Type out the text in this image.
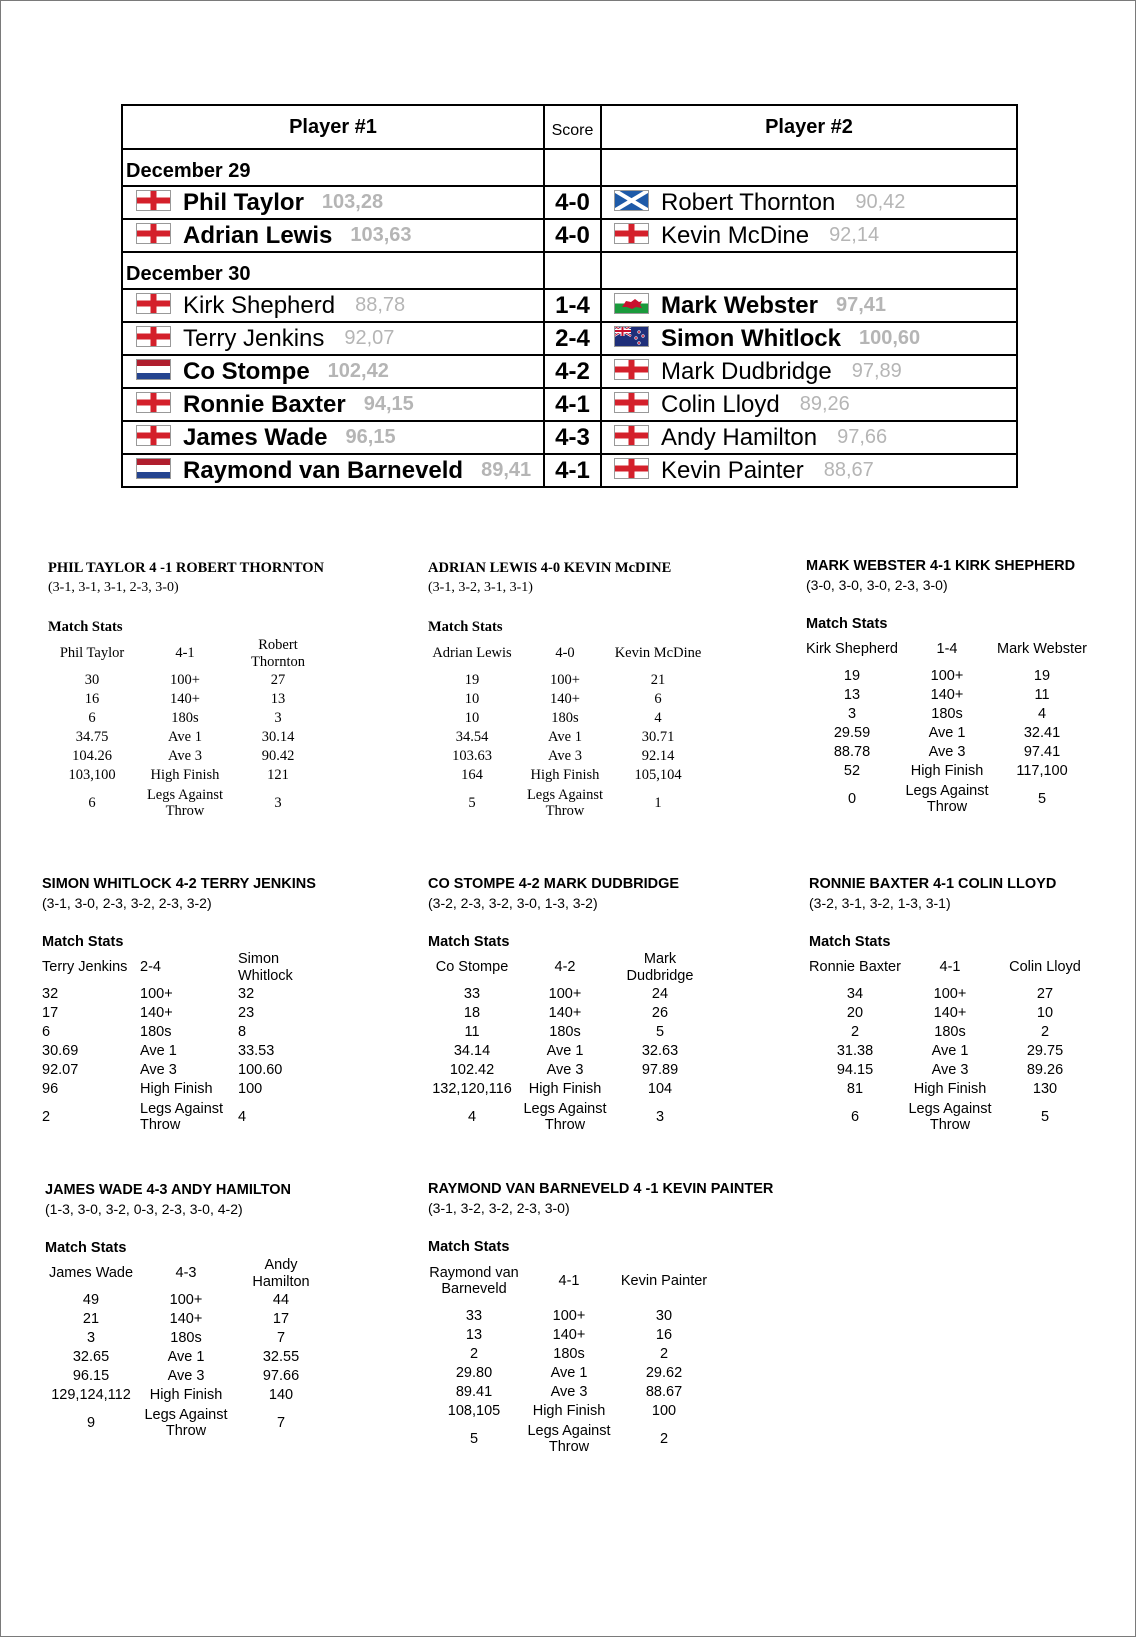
Player #1	Score	Player #2
December 29		

Phil Taylor 103,28	4-0	Robert Thornton 90,42

Adrian Lewis 103,63	4-0	Kevin McDine 92,14
December 30		

Kirk Shepherd 88,78	1-4	Mark Webster 97,41

Terry Jenkins 92,07	2-4	Simon Whitlock 100,60

Co Stompe 102,42	4-2	Mark Dudbridge 97,89

Ronnie Baxter 94,15	4-1	Colin Lloyd 89,26

James Wade 96,15	4-3	Andy Hamilton 97,66

Raymond van Barneveld 89,41	4-1	Kevin Painter 88,67
PHIL TAYLOR 4 -1 ROBERT THORNTON
(3-1, 3-1, 3-1, 2-3, 3-0)
Match Stats
Phil Taylor	4-1	Robert Thornton
30	100+	27
16	140+	13
6	180s	3
34.75	Ave 1	30.14
104.26	Ave 3	90.42
103,100	High Finish	121
6	Legs Against Throw	3
ADRIAN LEWIS 4-0 KEVIN McDINE
(3-1, 3-2, 3-1, 3-1)
Match Stats
Adrian Lewis	4-0	Kevin McDine
19	100+	21
10	140+	6
10	180s	4
34.54	Ave 1	30.71
103.63	Ave 3	92.14
164	High Finish	105,104
5	Legs Against Throw	1
MARK WEBSTER 4-1 KIRK SHEPHERD
(3-0, 3-0, 3-0, 2-3, 3-0)
Match Stats
Kirk Shepherd	1-4	Mark Webster
19	100+	19
13	140+	11
3	180s	4
29.59	Ave 1	32.41
88.78	Ave 3	97.41
52	High Finish	117,100
0	Legs Against Throw	5
SIMON WHITLOCK 4-2 TERRY JENKINS
(3-1, 3-0, 2-3, 3-2, 2-3, 3-2)
Match Stats
Terry Jenkins	2-4	Simon Whitlock
32	100+	32
17	140+	23
6	180s	8
30.69	Ave 1	33.53
92.07	Ave 3	100.60
96	High Finish	100
2	Legs Against Throw	4
CO STOMPE 4-2 MARK DUDBRIDGE
(3-2, 2-3, 3-2, 3-0, 1-3, 3-2)
Match Stats
Co Stompe	4-2	Mark Dudbridge
33	100+	24
18	140+	26
11	180s	5
34.14	Ave 1	32.63
102.42	Ave 3	97.89
132,120,116	High Finish	104
4	Legs Against Throw	3
RONNIE BAXTER 4-1 COLIN LLOYD
(3-2, 3-1, 3-2, 1-3, 3-1)
Match Stats
Ronnie Baxter	4-1	Colin Lloyd
34	100+	27
20	140+	10
2	180s	2
31.38	Ave 1	29.75
94.15	Ave 3	89.26
81	High Finish	130
6	Legs Against Throw	5
JAMES WADE 4-3 ANDY HAMILTON
(1-3, 3-0, 3-2, 0-3, 2-3, 3-0, 4-2)
Match Stats
James Wade	4-3	Andy Hamilton
49	100+	44
21	140+	17
3	180s	7
32.65	Ave 1	32.55
96.15	Ave 3	97.66
129,124,112	High Finish	140
9	Legs Against Throw	7
RAYMOND VAN BARNEVELD 4 -1 KEVIN PAINTER
(3-1, 3-2, 3-2, 2-3, 3-0)
Match Stats
Raymond van Barneveld	4-1	Kevin Painter
33	100+	30
13	140+	16
2	180s	2
29.80	Ave 1	29.62
89.41	Ave 3	88.67
108,105	High Finish	100
5	Legs Against Throw	2
